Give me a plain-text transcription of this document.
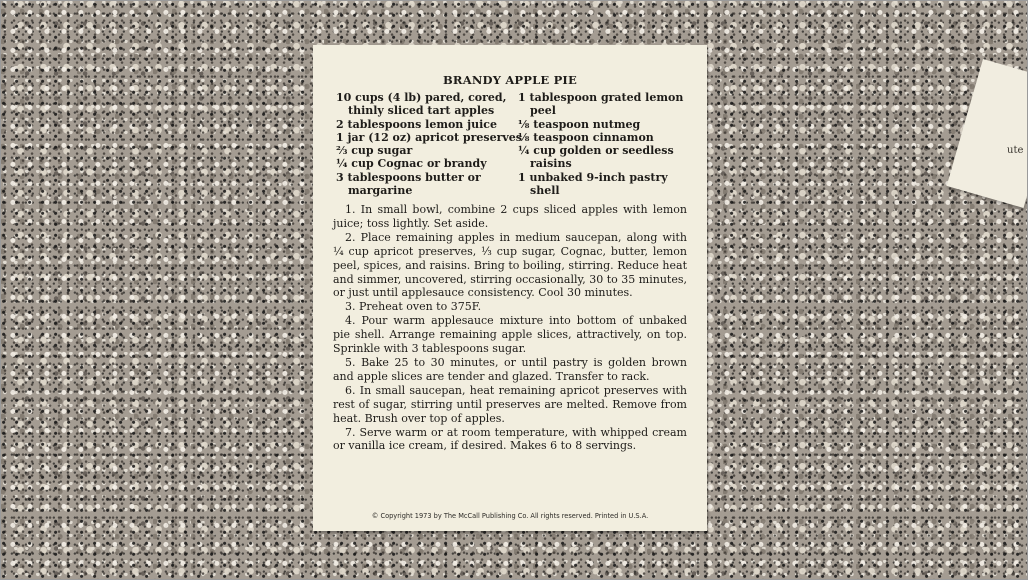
ute
BRANDY APPLE PIE
10 cups (4 lb) pared, cored, thinly sliced tart apples
2 tablespoons lemon juice
1 jar (12 oz) apricot preserves
⅔ cup sugar
¼ cup Cognac or brandy
3 tablespoons butter or margarine
1 tablespoon grated lemon peel
⅛ teaspoon nutmeg
⅛ teaspoon cinnamon
¼ cup golden or seedless raisins
1 unbaked 9-inch pastry shell

1. In small bowl, combine 2 cups sliced apples with lemon juice; toss lightly. Set aside.

2. Place remaining apples in medium saucepan, along with ¼ cup apricot preserves, ⅓ cup sugar, Cognac, butter, lemon peel, spices, and raisins. Bring to boiling, stirring. Reduce heat and simmer, uncovered, stirring occasionally, 30 to 35 minutes, or just until applesauce consistency. Cool 30 minutes.

3. Preheat oven to 375F.

4. Pour warm applesauce mixture into bottom of unbaked pie shell. Arrange remaining apple slices, attractively, on top. Sprinkle with 3 tablespoons sugar.

5. Bake 25 to 30 minutes, or until pastry is golden brown and apple slices are tender and glazed. Transfer to rack.

6. In small saucepan, heat remaining apricot preserves with rest of sugar, stirring until preserves are melted. Remove from heat. Brush over top of apples.

7. Serve warm or at room temperature, with whipped cream or vanilla ice cream, if desired. Makes 6 to 8 servings.

© Copyright 1973 by The McCall Publishing Co. All rights reserved. Printed in U.S.A.
